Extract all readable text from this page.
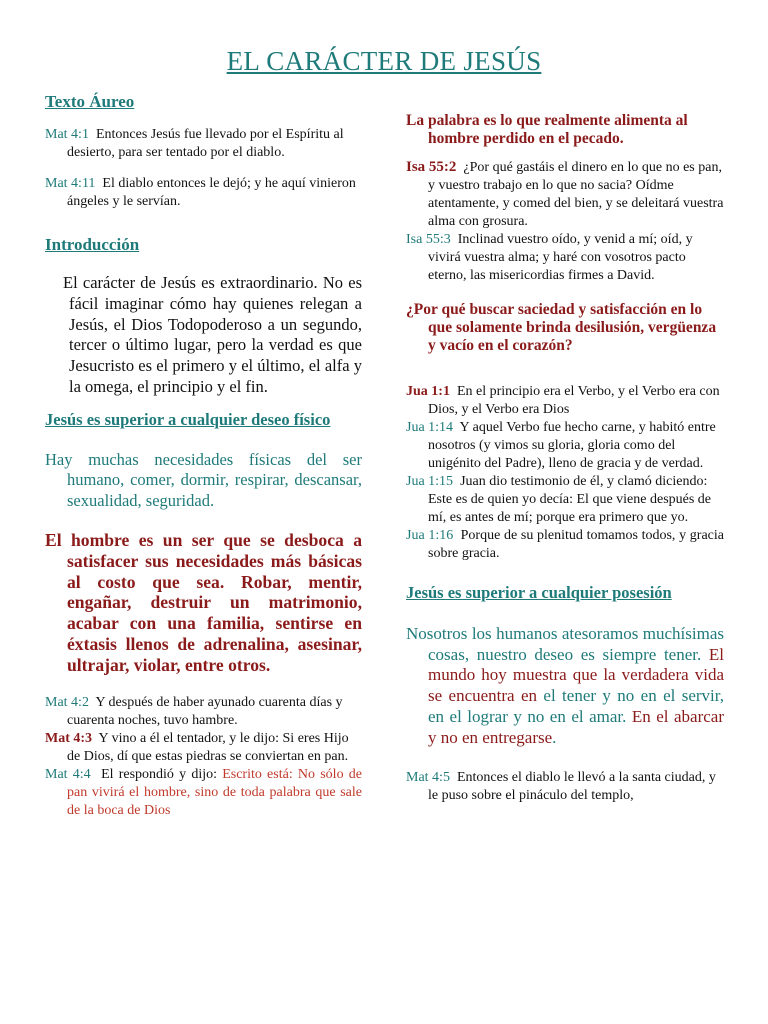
EL CARÁCTER DE JESÚS
Texto Áureo

Mat 4:1 Entonces Jesús fue llevado por el Espíritu al desierto, para ser tentado por el diablo.

Mat 4:11 El diablo entonces le dejó; y he aquí vinieron ángeles y le servían.

Introducción

El carácter de Jesús es extraordinario. No es fácil imaginar cómo hay quienes relegan a Jesús, el Dios Todopoderoso a un segundo, tercer o último lugar, pero la verdad es que Jesucristo es el primero y el último, el alfa y la omega, el principio y el fin.

Jesús es superior a cualquier deseo físico

Hay muchas necesidades físicas del ser humano, comer, dormir, respirar, descansar, sexualidad, seguridad.

El hombre es un ser que se desboca a satisfacer sus necesidades más básicas al costo que sea. Robar, mentir, engañar, destruir un matrimonio, acabar con una familia, sentirse en éxtasis llenos de adrenalina, asesinar, ultrajar, violar, entre otros.

Mat 4:2 Y después de haber ayunado cuarenta días y cuarenta noches, tuvo hambre.

Mat 4:3 Y vino a él el tentador, y le dijo: Si eres Hijo de Dios, dí que estas piedras se conviertan en pan.

Mat 4:4 El respondió y dijo: Escrito está: No sólo de pan vivirá el hombre, sino de toda palabra que sale de la boca de Dios

La palabra es lo que realmente alimenta al hombre perdido en el pecado.

Isa 55:2 ¿Por qué gastáis el dinero en lo que no es pan, y vuestro trabajo en lo que no sacia? Oídme atentamente, y comed del bien, y se deleitará vuestra alma con grosura.

Isa 55:3 Inclinad vuestro oído, y venid a mí; oíd, y vivirá vuestra alma; y haré con vosotros pacto eterno, las misericordias firmes a David.

¿Por qué buscar saciedad y satisfacción en lo que solamente brinda desilusión, vergüenza y vacío en el corazón?

Jua 1:1 En el principio era el Verbo, y el Verbo era con Dios, y el Verbo era Dios

Jua 1:14 Y aquel Verbo fue hecho carne, y habitó entre nosotros (y vimos su gloria, gloria como del unigénito del Padre), lleno de gracia y de verdad.

Jua 1:15 Juan dio testimonio de él, y clamó diciendo: Este es de quien yo decía: El que viene después de mí, es antes de mí; porque era primero que yo.

Jua 1:16 Porque de su plenitud tomamos todos, y gracia sobre gracia.

Jesús es superior a cualquier posesión

Nosotros los humanos atesoramos muchísimas cosas, nuestro deseo es siempre tener. El mundo hoy muestra que la verdadera vida se encuentra en el tener y no en el servir, en el lograr y no en el amar. En el abarcar y no en entregarse.

Mat 4:5 Entonces el diablo le llevó a la santa ciudad, y le puso sobre el pináculo del templo,
